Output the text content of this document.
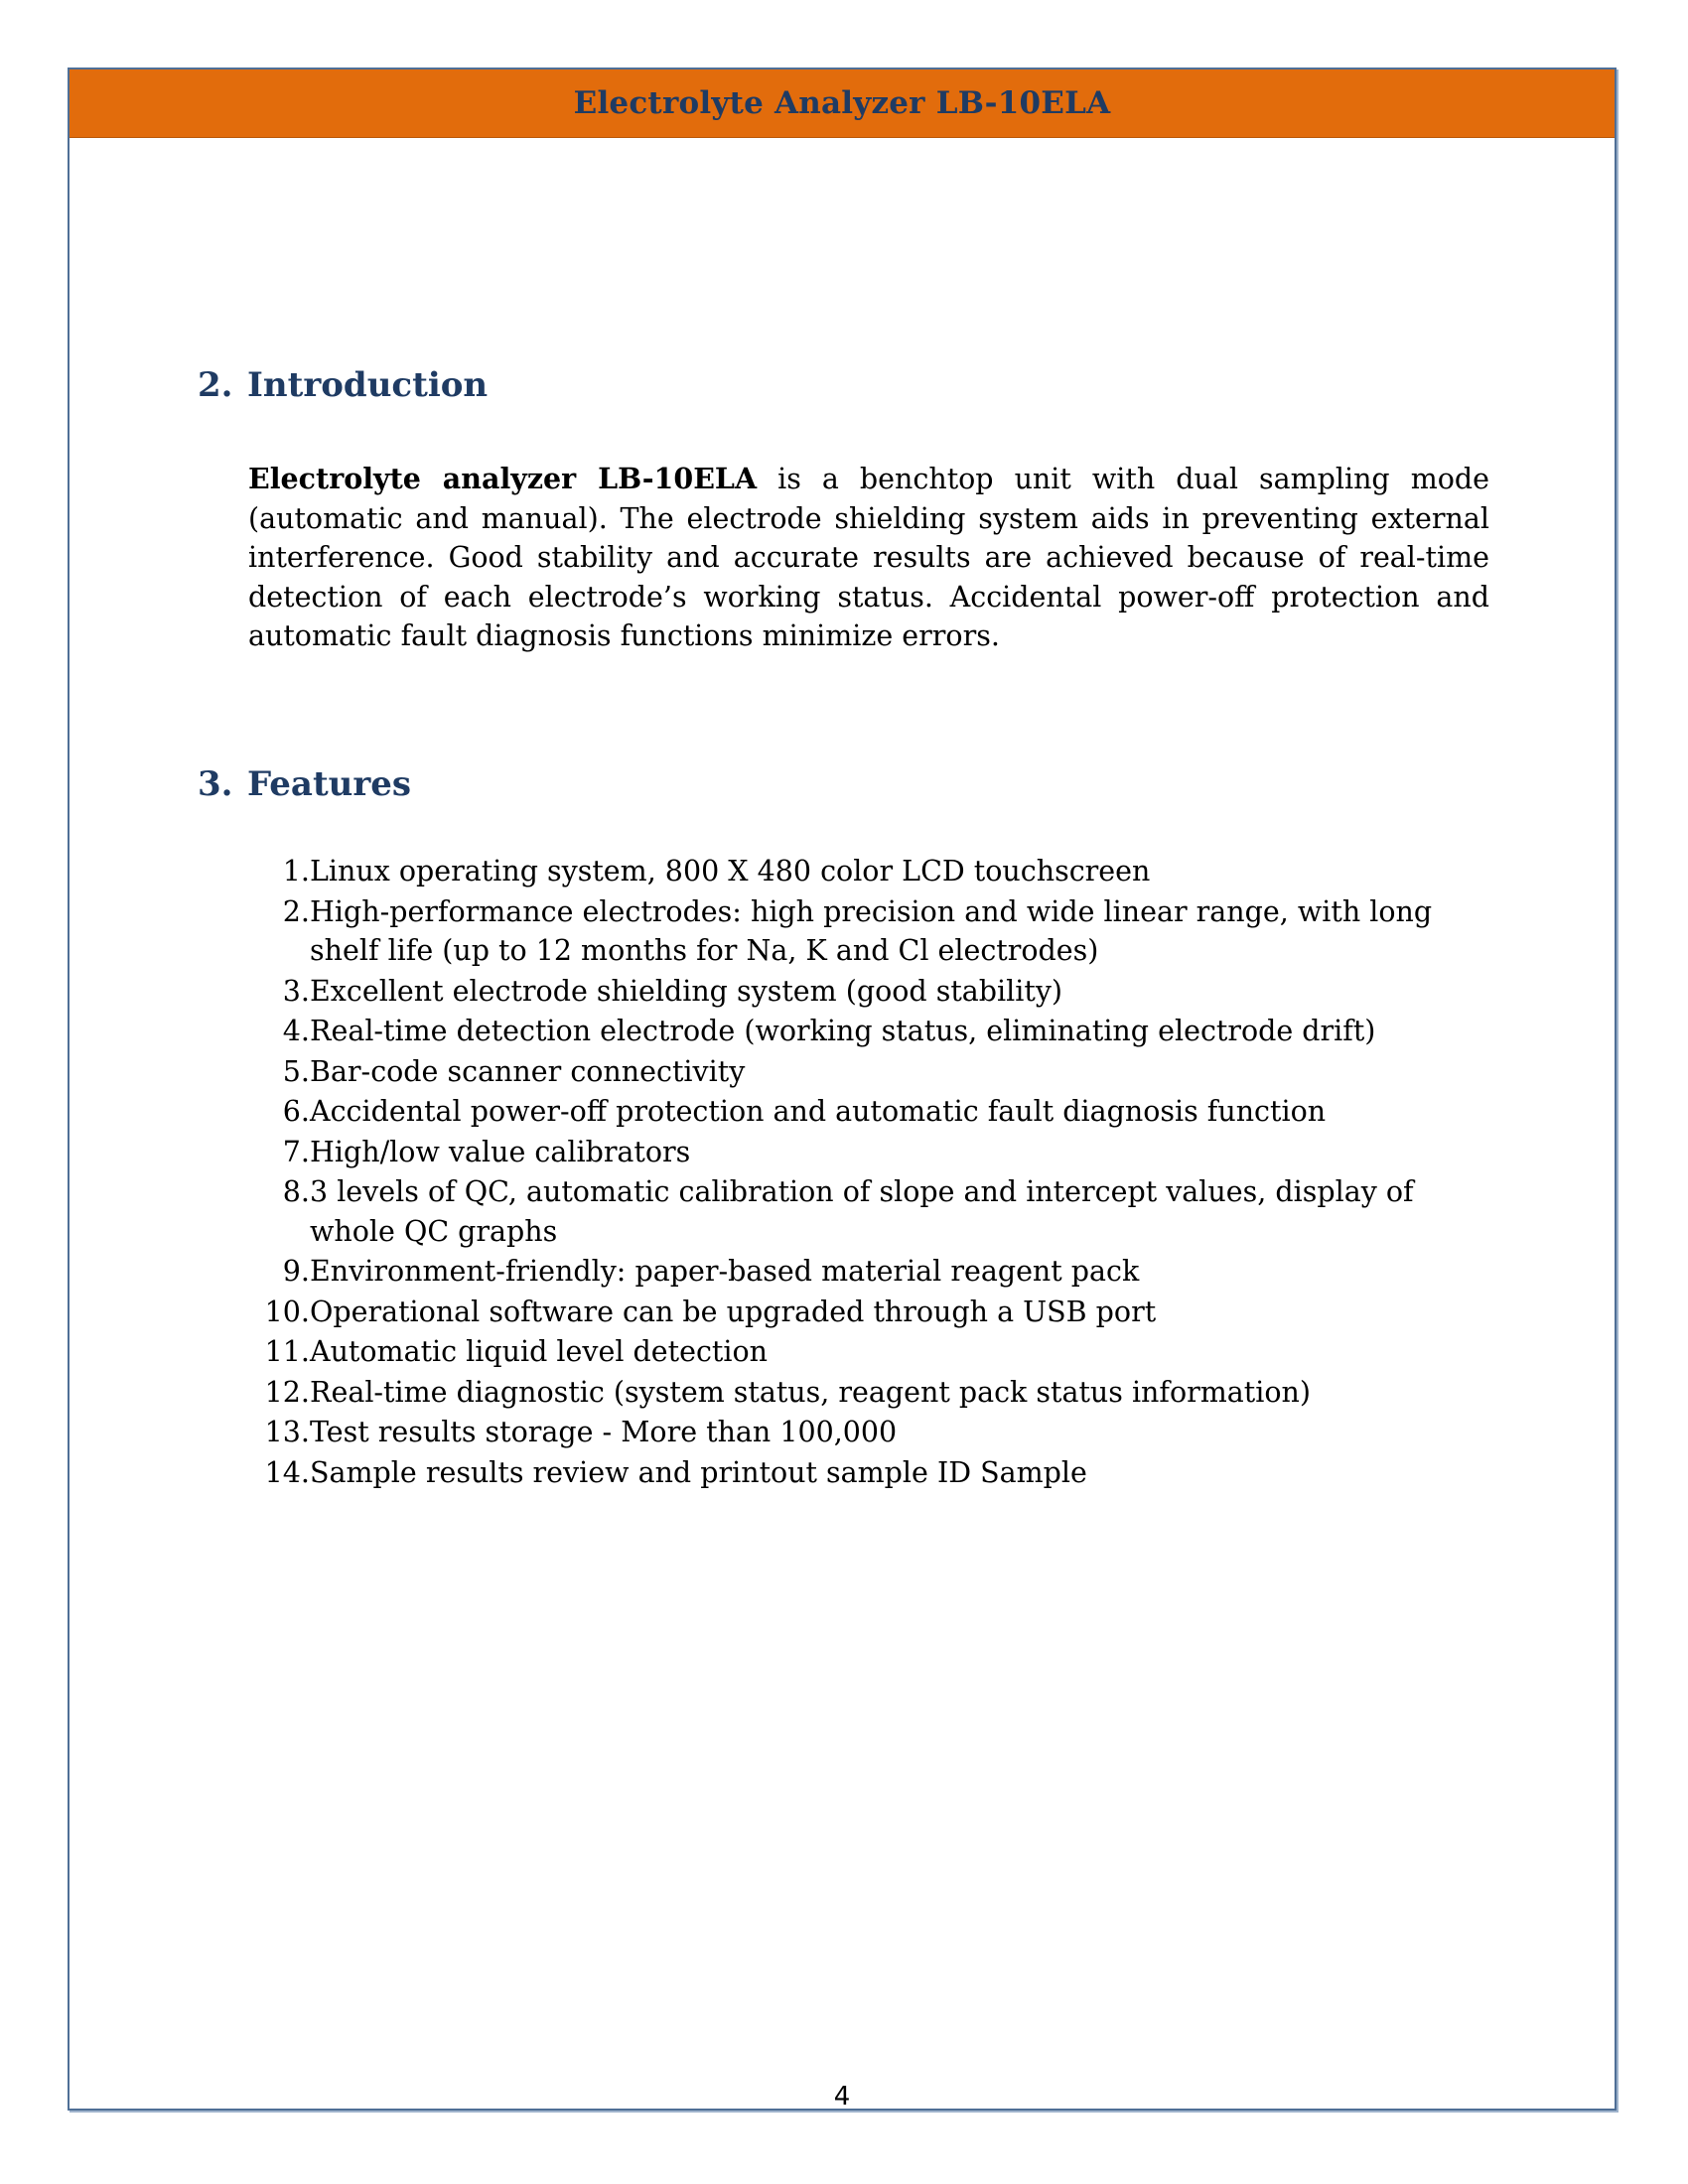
Electrolyte Analyzer LB-10ELA
4
2. Introduction

Electrolyte analyzer LB-10ELA is a benchtop unit with dual sampling mode (automatic and manual). The electrode shielding system aids in preventing external interference. Good stability and accurate results are achieved because of real-time detection of each electrode’s working status. Accidental power-off protection and automatic fault diagnosis functions minimize errors.

3. Features
1. Linux operating system, 800 X 480 color LCD touchscreen
2. High-performance electrodes: high precision and wide linear range, with long shelf life (up to 12 months for Na, K and Cl electrodes)
3. Excellent electrode shielding system (good stability)
4. Real-time detection electrode (working status, eliminating electrode drift)
5. Bar-code scanner connectivity
6. Accidental power-off protection and automatic fault diagnosis function
7. High/low value calibrators
8. 3 levels of QC, automatic calibration of slope and intercept values, display of whole QC graphs
9. Environment-friendly: paper-based material reagent pack
10. Operational software can be upgraded through a USB port
11. Automatic liquid level detection
12. Real-time diagnostic (system status, reagent pack status information)
13. Test results storage - More than 100,000
14. Sample results review and printout sample ID Sample
